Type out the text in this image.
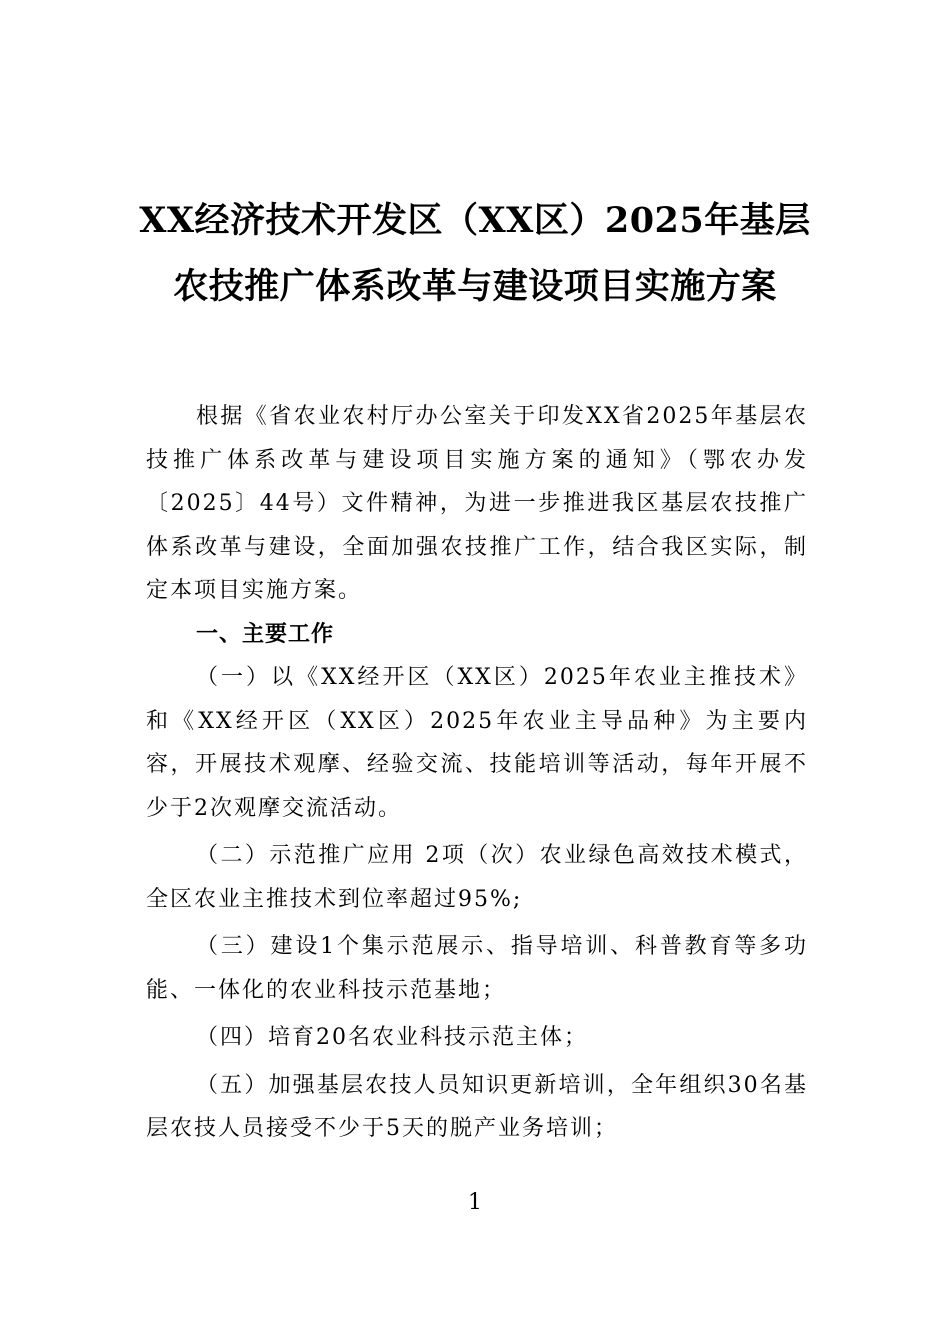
XX经济技术开发区（XX区）2025年基层
农技推广体系改革与建设项目实施方案

根据《省农业农村厅办公室关于印发XX省2025年基层农技推广体系改革与建设项目实施方案的通知》（鄂农办发〔2025〕44号）文件精神，为进一步推进我区基层农技推广体系改革与建设，全面加强农技推广工作，结合我区实际，制定本项目实施方案。

一、主要工作

（一）以《XX经开区（XX区）2025年农业主推技术》和《XX经开区（XX区）2025年农业主导品种》为主要内容，开展技术观摩、经验交流、技能培训等活动，每年开展不少于2次观摩交流活动。

（二）示范推广应用 2项（次）农业绿色高效技术模式，全区农业主推技术到位率超过95%;

（三）建设1个集示范展示、指导培训、科普教育等多功能、一体化的农业科技示范基地；

（四）培育20名农业科技示范主体；

（五）加强基层农技人员知识更新培训，全年组织30名基层农技人员接受不少于5天的脱产业务培训；

1
